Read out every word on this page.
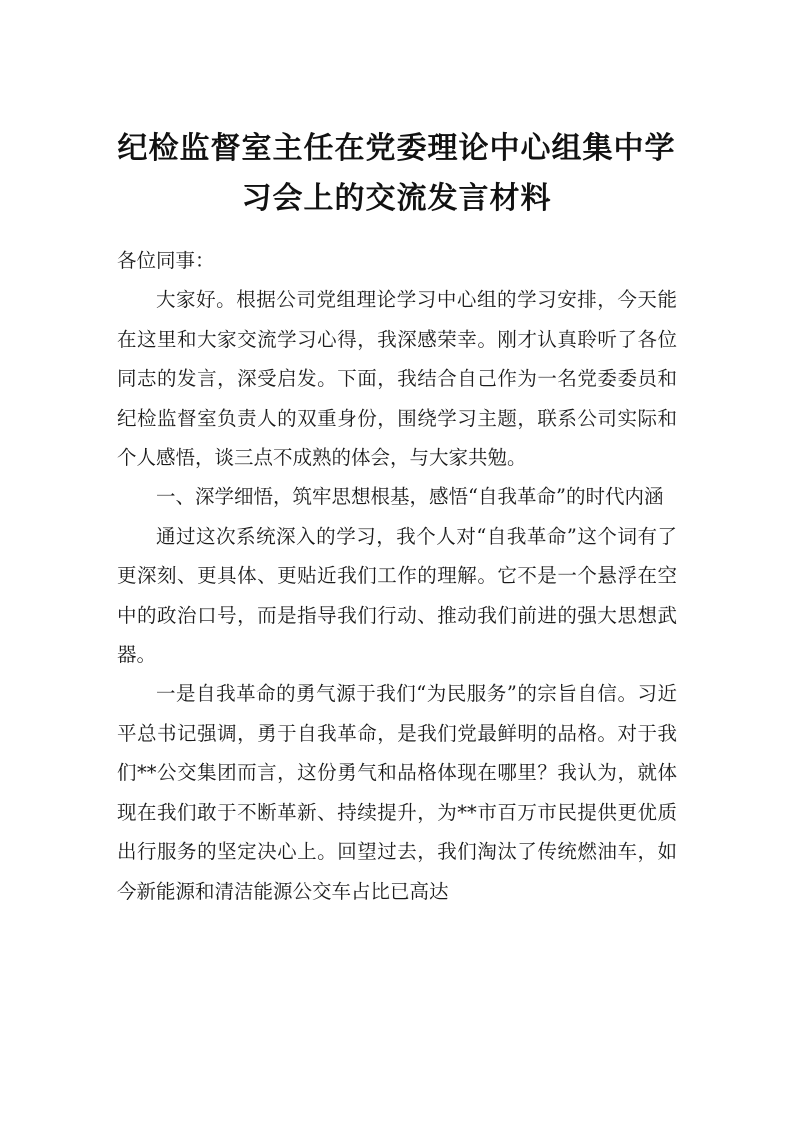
纪检监督室主任在党委理论中心组集中学
习会上的交流发言材料

各位同事：

大家好。根据公司党组理论学习中心组的学习安排，今天能在这里和大家交流学习心得，我深感荣幸。刚才认真聆听了各位同志的发言，深受启发。下面，我结合自己作为一名党委委员和纪检监督室负责人的双重身份，围绕学习主题，联系公司实际和个人感悟，谈三点不成熟的体会，与大家共勉。

一、深学细悟，筑牢思想根基，感悟“自我革命”的时代内涵

通过这次系统深入的学习，我个人对“自我革命”这个词有了更深刻、更具体、更贴近我们工作的理解。它不是一个悬浮在空中的政治口号，而是指导我们行动、推动我们前进的强大思想武器。

一是自我革命的勇气源于我们“为民服务”的宗旨自信。习近平总书记强调，勇于自我革命，是我们党最鲜明的品格。对于我们**公交集团而言，这份勇气和品格体现在哪里？我认为，就体现在我们敢于不断革新、持续提升，为**市百万市民提供更优质出行服务的坚定决心上。回望过去，我们淘汰了传统燃油车，如今新能源和清洁能源公交车占比已高达
